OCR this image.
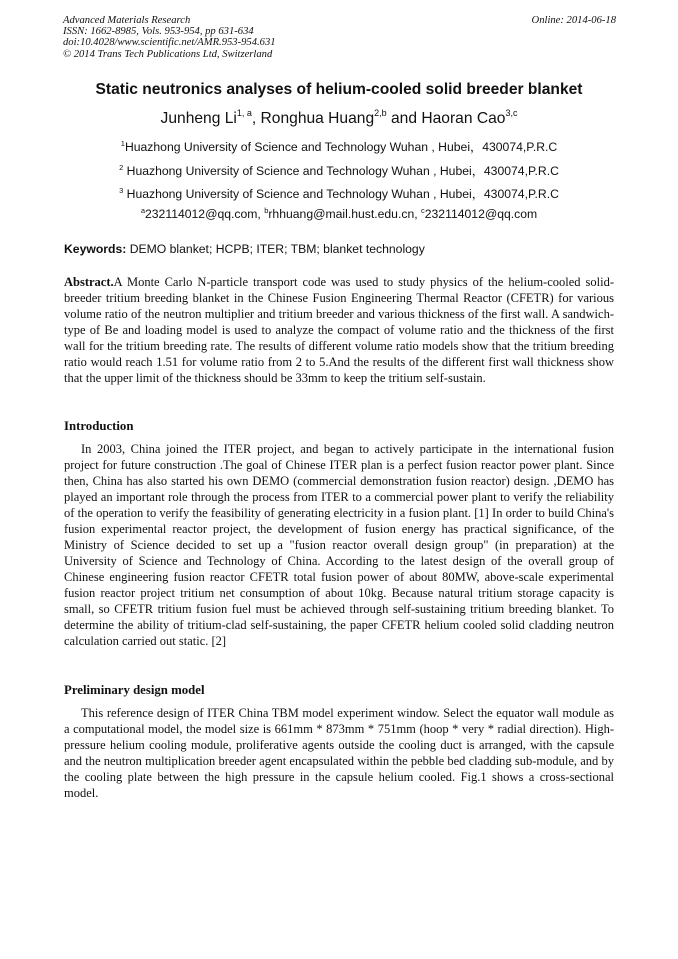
Advanced Materials Research
ISSN: 1662-8985, Vols. 953-954, pp 631-634
doi:10.4028/www.scientific.net/AMR.953-954.631
© 2014 Trans Tech Publications Ltd, Switzerland
Online: 2014-06-18
Static neutronics analyses of helium-cooled solid breeder blanket
Junheng Li$^{1, a}$, Ronghua Huang$^{2,b}$ and Haoran Cao$^{3,c}$
$^1$Huazhong University of Science and Technology Wuhan , Hubei，430074,P.R.C
$^2$ Huazhong University of Science and Technology Wuhan , Hubei，430074,P.R.C
$^3$ Huazhong University of Science and Technology Wuhan , Hubei，430074,P.R.C
$^a$232114012@qq.com, $^b$rhhuang@mail.hust.edu.cn, $^c$232114012@qq.com
Keywords: DEMO blanket; HCPB; ITER; TBM; blanket technology

Abstract.A Monte Carlo N-particle transport code was used to study physics of the helium-cooled solid-breeder tritium breeding blanket in the Chinese Fusion Engineering Thermal Reactor (CFETR) for various volume ratio of the neutron multiplier and tritium breeder and various thickness of the first wall. A sandwich-type of Be and loading model is used to analyze the compact of volume ratio and the thickness of the first wall for the tritium breeding rate. The results of different volume ratio models show that the tritium breeding ratio would reach 1.51 for volume ratio from 2 to 5.And the results of the different first wall thickness show that the upper limit of the thickness should be 33mm to keep the tritium self-sustain.

Introduction

In 2003, China joined the ITER project, and began to actively participate in the international fusion project for future construction .The goal of Chinese ITER plan is a perfect fusion reactor power plant. Since then, China has also started his own DEMO (commercial demonstration fusion reactor) design. ,DEMO has played an important role through the process from ITER to a commercial power plant to verify the reliability of the operation to verify the feasibility of generating electricity in a fusion plant. [1] In order to build China's fusion experimental reactor project, the development of fusion energy has practical significance, of the Ministry of Science decided to set up a "fusion reactor overall design group" (in preparation) at the University of Science and Technology of China. According to the latest design of the overall group of Chinese engineering fusion reactor CFETR total fusion power of about 80MW, above-scale experimental fusion reactor project tritium net consumption of about 10kg. Because natural tritium storage capacity is small, so CFETR tritium fusion fuel must be achieved through self-sustaining tritium breeding blanket. To determine the ability of tritium-clad self-sustaining, the paper CFETR helium cooled solid cladding neutron calculation carried out static. [2]

Preliminary design model

This reference design of ITER China TBM model experiment window. Select the equator wall module as a computational model, the model size is 661mm * 873mm * 751mm (hoop * very * radial direction). High-pressure helium cooling module, proliferative agents outside the cooling duct is arranged, with the capsule and the neutron multiplication breeder agent encapsulated within the pebble bed cladding sub-module, and by the cooling plate between the high pressure in the capsule helium cooled. Fig.1 shows a cross-sectional model.
